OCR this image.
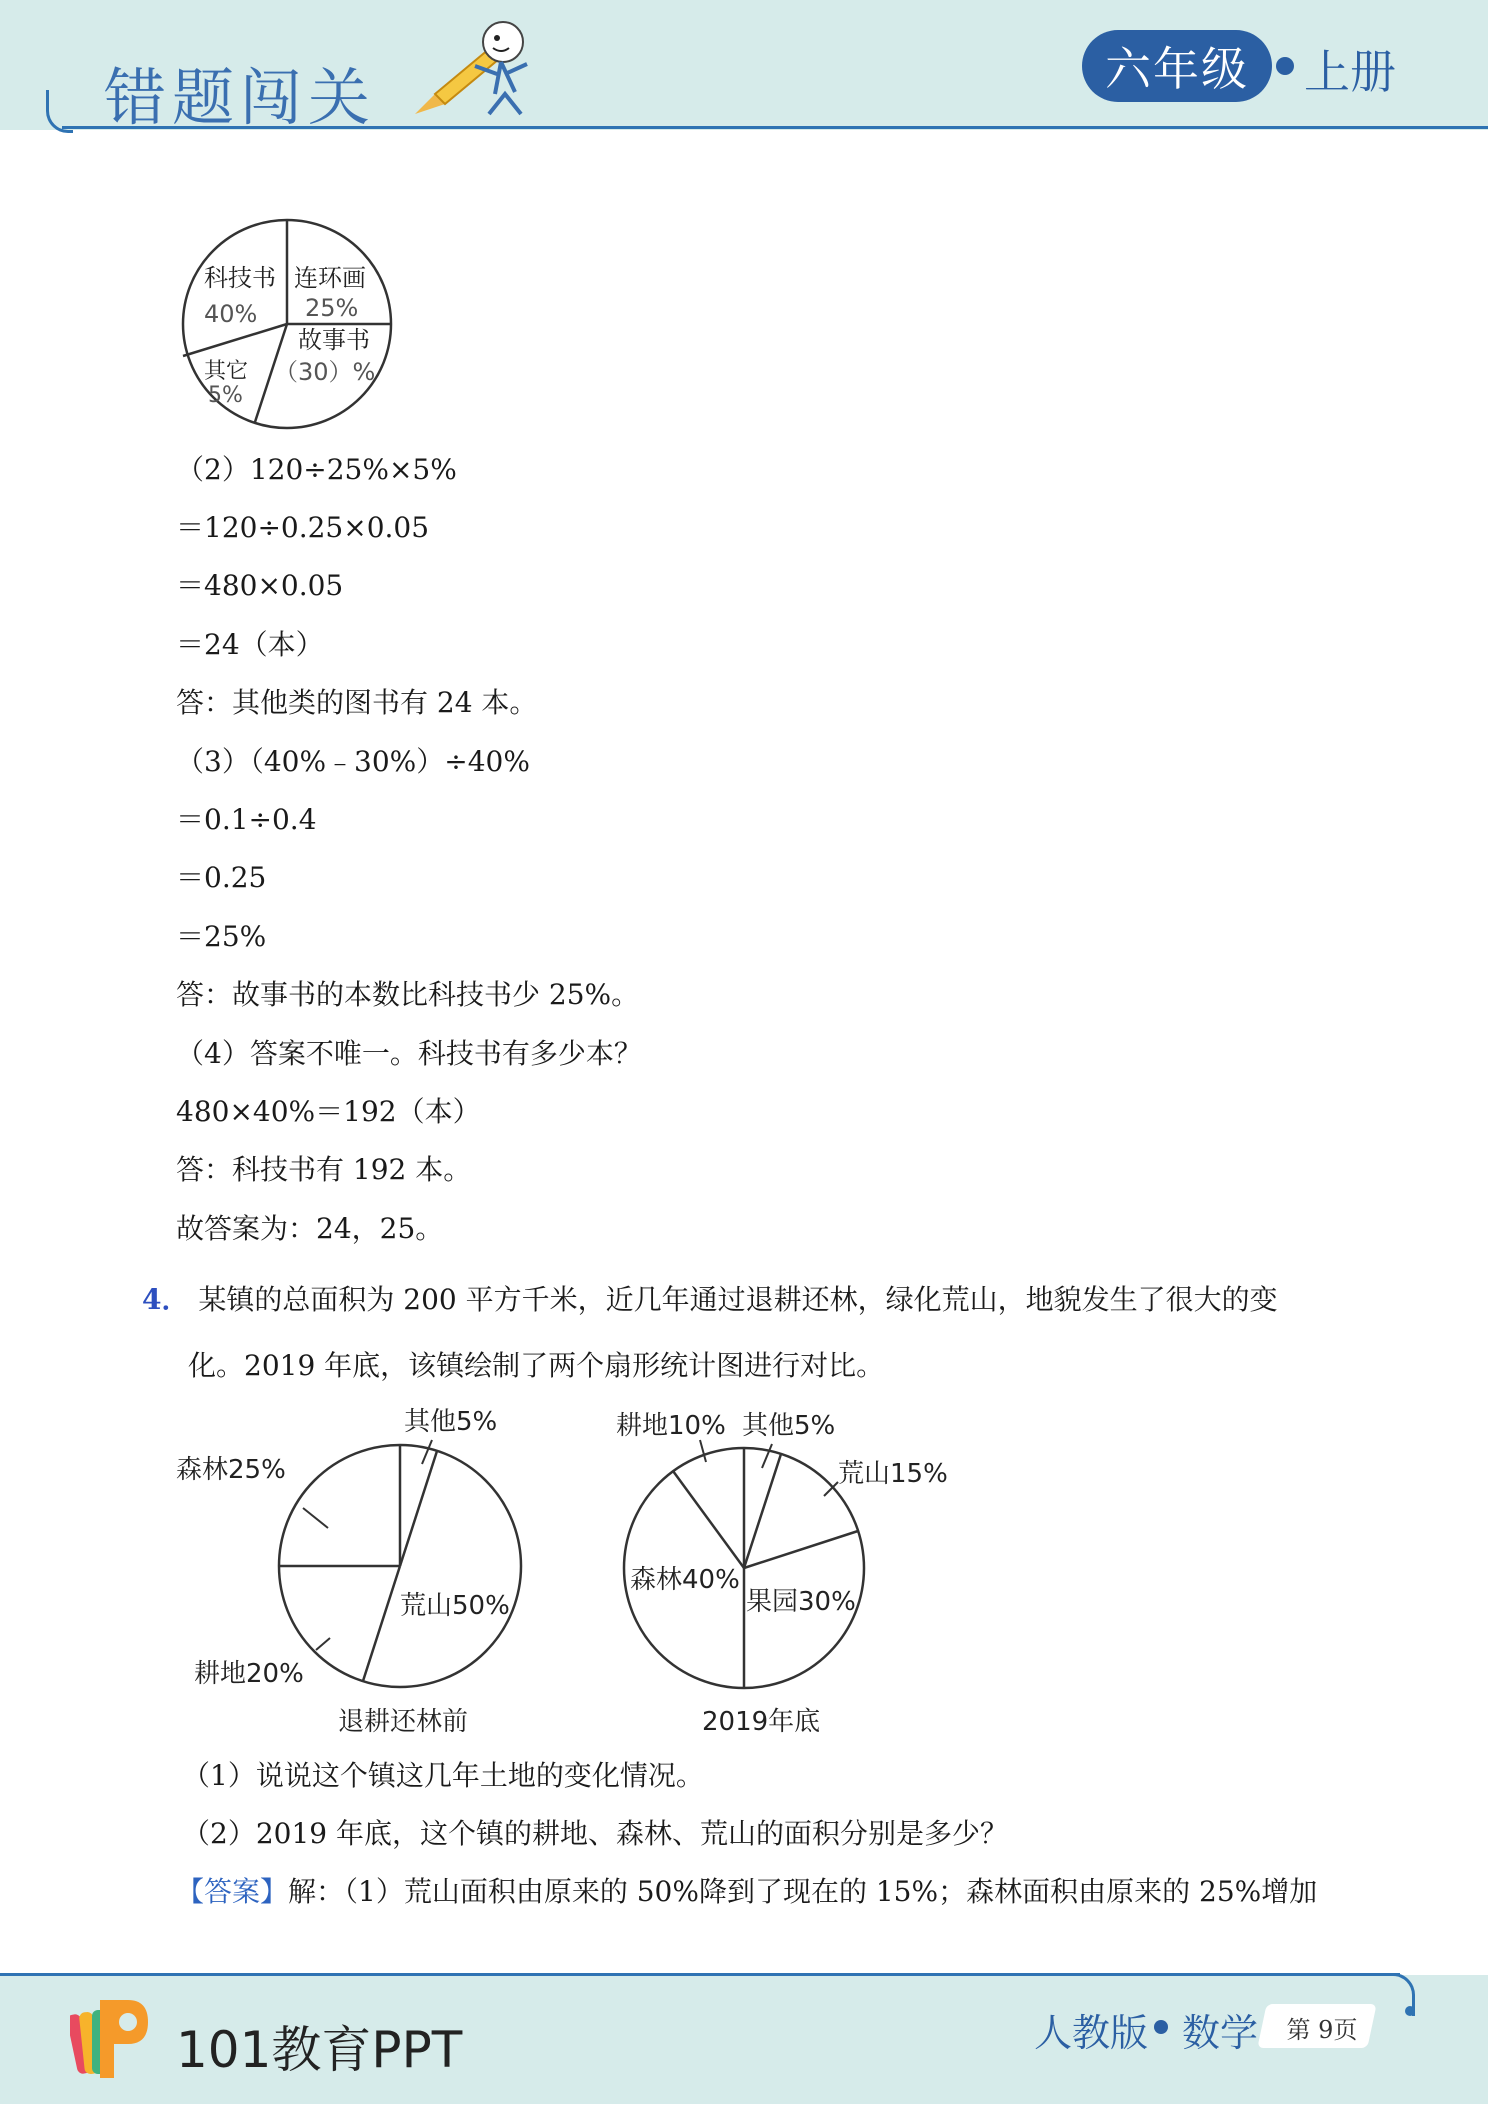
错题闯关	六年级	上册
科技书
40%
连环画
25%
故事书
（30）%
其它
5%
（2）120÷25%×5%
＝120÷0.25×0.05
＝480×0.05
＝24（本）
答：其他类的图书有 24 本。
（3）（40%﹣30%）÷40%
＝0.1÷0.4
＝0.25
＝25%
答：故事书的本数比科技书少 25%。
（4）答案不唯一。科技书有多少本？
480×40%＝192（本）
答：科技书有 192 本。
故答案为：24，25。
4． 某镇的总面积为 200 平方千米，近几年通过退耕还林，绿化荒山，地貌发生了很大的变
化。2019 年底，该镇绘制了两个扇形统计图进行对比。
其他5%
森林25%
荒山50%
耕地20%
退耕还林前
耕地10% 其他5%
荒山15%
森林40%
果园30%
2019年底
（1）说说这个镇这几年土地的变化情况。
（2）2019 年底，这个镇的耕地、森林、荒山的面积分别是多少？
【答案】解：（1）荒山面积由原来的 50%降到了现在的 15%；森林面积由原来的 25%增加
101教育PPT	人教版 数学	第 9页
